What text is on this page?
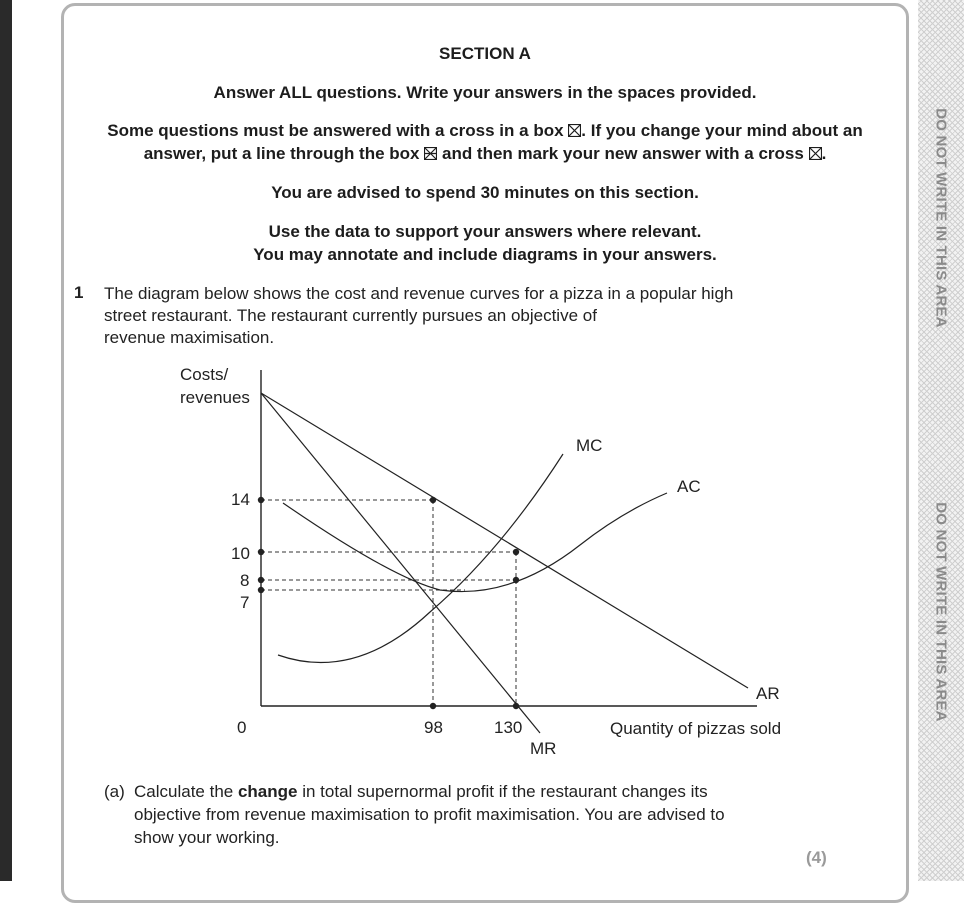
DO NOT WRITE IN THIS AREA
DO NOT WRITE IN THIS AREA
SECTION A
Answer ALL questions. Write your answers in the spaces provided.
Some questions must be answered with a cross in a box ☒. If you change your mind about an
answer, put a line through the box and then mark your new answer with a cross ☒.
You are advised to spend 30 minutes on this section.
Use the data to support your answers where relevant.
You may annotate and include diagrams in your answers.
1 The diagram below shows the cost and revenue curves for a pizza in a popular high
street restaurant. The restaurant currently pursues an objective of
revenue maximisation.
Costs/
revenues
14
10
8
7
0	98	130	Quantity of pizzas sold
MC
AC
AR
MR
(a) Calculate the change in total supernormal profit if the restaurant changes its
objective from revenue maximisation to profit maximisation. You are advised to
show your working.
(4)
